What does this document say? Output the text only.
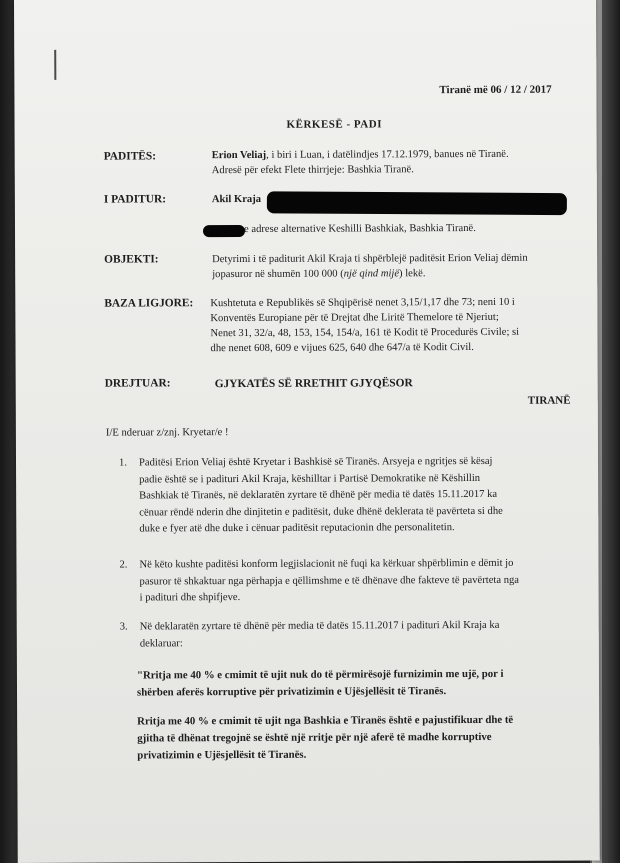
Tiranë më 06 / 12 / 2017
KËRKESË - PADI
PADITËS:	Erion Veliaj, i biri i Luan, i datëlindjes 17.12.1979, banues në Tiranë.
Adresë për efekt Flete thirrjeje: Bashkia Tiranë.
I PADITUR:	Akil Kraja
e adrese alternative Keshilli Bashkiak, Bashkia Tiranë.
OBJEKTI:	Detyrimi i të paditurit Akil Kraja ti shpërblejë paditësit Erion Veliaj dëmin
jopasuror në shumën 100 000 (një qind mijë) lekë.
BAZA LIGJORE: Kushtetuta e Republikës së Shqipërisë nenet 3,15/1,17 dhe 73; neni 10 i
Konventës Europiane për të Drejtat dhe Liritë Themelore të Njeriut;
Nenet 31, 32/a, 48, 153, 154, 154/a, 161 të Kodit të Procedurës Civile; si
dhe nenet 608, 609 e vijues 625, 640 dhe 647/a të Kodit Civil.
DREJTUAR:	GJYKATËS SË RRETHIT GJYQËSOR
TIRANË
I/E nderuar z/znj. Kryetar/e !
1. Paditësi Erion Veliaj është Kryetar i Bashkisë së Tiranës. Arsyeja e ngritjes së kësaj
padie është se i padituri Akil Kraja, këshilltar i Partisë Demokratike në Këshillin
Bashkiak të Tiranës, në deklaratën zyrtare të dhënë për media të datës 15.11.2017 ka
cënuar rëndë nderin dhe dinjitetin e paditësit, duke dhënë deklerata të pavërteta si dhe
duke e fyer atë dhe duke i cënuar paditësit reputacionin dhe personalitetin.
2. Në këto kushte paditësi konform legjislacionit në fuqi ka kërkuar shpërblimin e dëmit jo
pasuror të shkaktuar nga përhapja e qëllimshme e të dhënave dhe fakteve të pavërteta nga
i padituri dhe shpifjeve.
3. Në deklaratën zyrtare të dhënë për media të datës 15.11.2017 i padituri Akil Kraja ka
deklaruar:
"Rritja me 40 % e cmimit të ujit nuk do të përmirësojë furnizimin me ujë, por i
shërben aferës korruptive për privatizimin e Ujësjellësit të Tiranës.
Rritja me 40 % e cmimit të ujit nga Bashkia e Tiranës është e pajustifikuar dhe të
gjitha të dhënat tregojnë se është një rritje për një aferë të madhe korruptive
privatizimin e Ujësjellësit të Tiranës.
